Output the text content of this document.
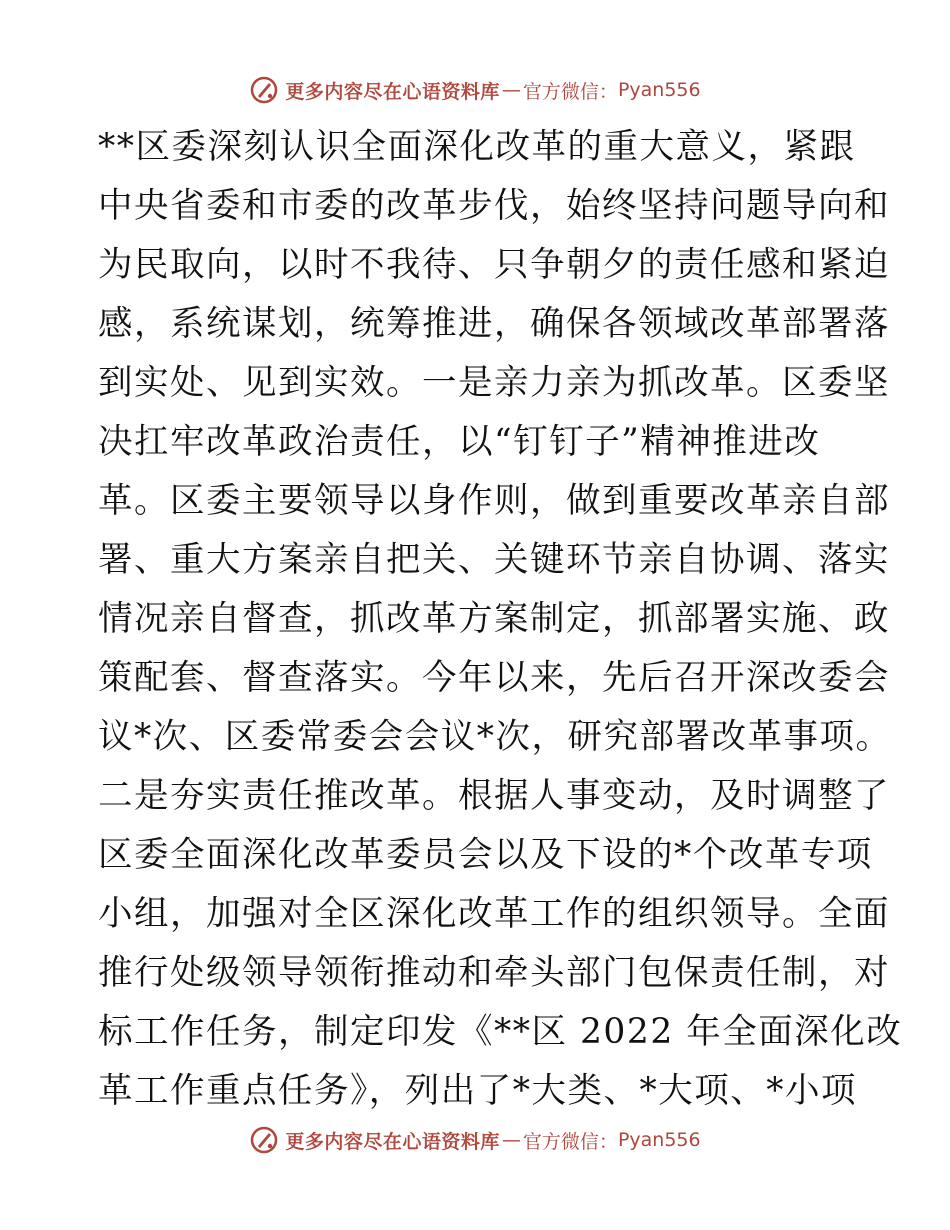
更多内容尽在心语资料库 — 官方微信： Pyan556
**区委深刻认识全面深化改革的重大意义，紧跟
中央省委和市委的改革步伐，始终坚持问题导向和
为民取向，以时不我待、只争朝夕的责任感和紧迫
感，系统谋划，统筹推进，确保各领域改革部署落
到实处、见到实效。一是亲力亲为抓改革。区委坚
决扛牢改革政治责任，以“钉钉子”精神推进改
革。区委主要领导以身作则，做到重要改革亲自部
署、重大方案亲自把关、关键环节亲自协调、落实
情况亲自督查，抓改革方案制定，抓部署实施、政
策配套、督查落实。今年以来，先后召开深改委会
议*次、区委常委会会议*次，研究部署改革事项。
二是夯实责任推改革。根据人事变动，及时调整了
区委全面深化改革委员会以及下设的*个改革专项
小组，加强对全区深化改革工作的组织领导。全面
推行处级领导领衔推动和牵头部门包保责任制，对
标工作任务，制定印发《**区 2022 年全面深化改
革工作重点任务》，列出了*大类、*大项、*小项
更多内容尽在心语资料库 — 官方微信： Pyan556
